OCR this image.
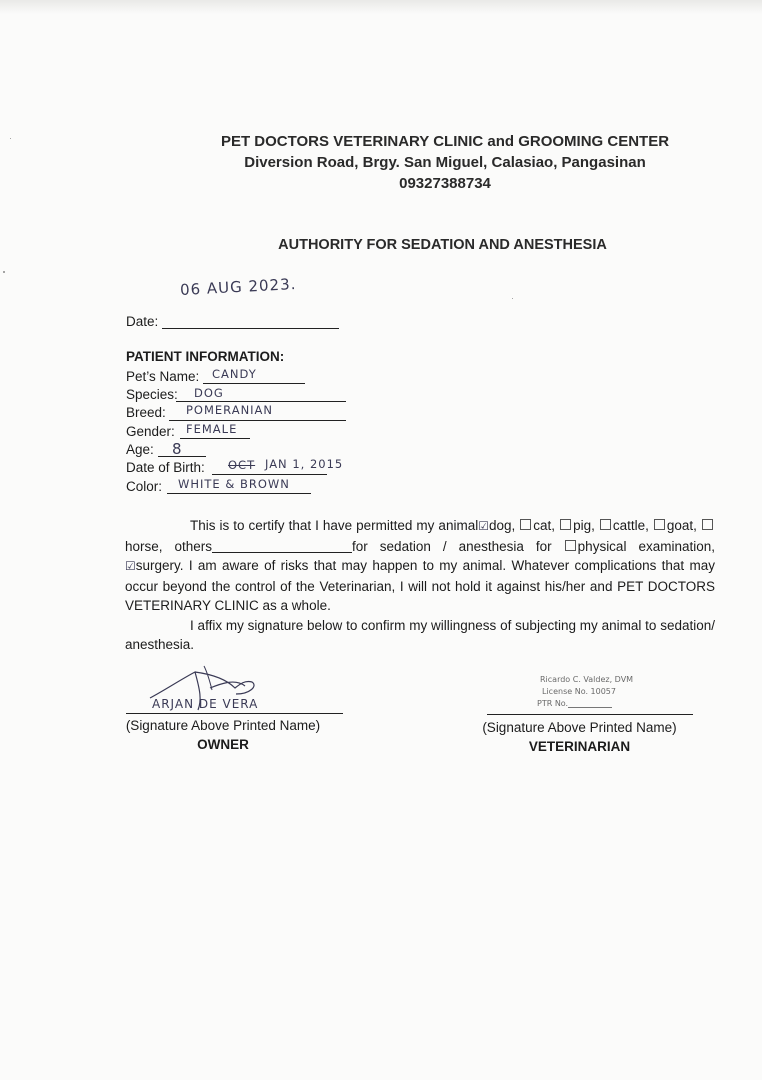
PET DOCTORS VETERINARY CLINIC and GROOMING CENTER
Diversion Road, Brgy. San Miguel, Calasiao, Pangasinan
09327388734
AUTHORITY FOR SEDATION AND ANESTHESIA
06 AUG 2023.
Date:
PATIENT INFORMATION:
Pet’s Name: CANDY
Species: DOG
Breed: POMERANIAN
Gender: FEMALE
Age: 8
Date of Birth: OCT JAN 1, 2015
Color: WHITE & BROWN

This is to certify that I have permitted my animal☑dog, cat, pig, cattle, goat, horse, others	for sedation / anesthesia for physical examination, ☑surgery. I am aware of risks that may happen to my animal. Whatever complications that may occur beyond the control of the Veterinarian, I will not hold it against his/her and PET DOCTORS VETERINARY CLINIC as a whole.

I affix my signature below to confirm my willingness of subjecting my animal to sedation/ anesthesia.

ARJAN DE VERA
(Signature Above Printed Name)
OWNER
Ricardo C. Valdez, DVM
License No. 10057
PTR No.
(Signature Above Printed Name)
VETERINARIAN
